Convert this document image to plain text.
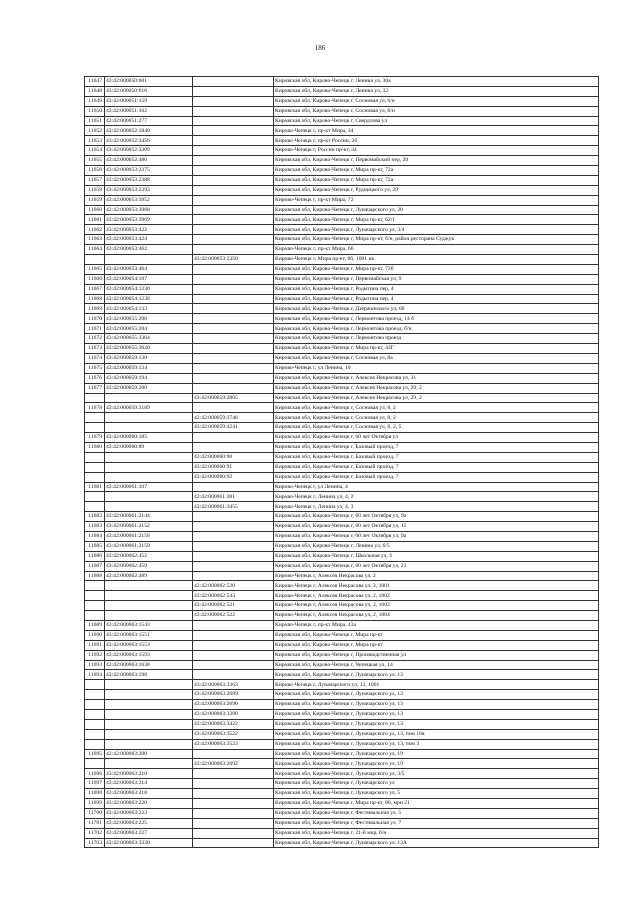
186
11647	43:42:000050:601		Кировская обл, Кирово-Чепецк г, Ленина ул, 30а
11648	43:42:000050:616		Кировская обл, Кирово-Чепецк г, Ленина ул, 32
11649	43:42:000051:159		Кировская обл, Кирово-Чепецк г, Сосновая ул, 6/н
11650	43:42:000051:162		Кировская обл, Кирово-Чепецк г, Сосновая ул, б/н
11651	43:42:000051:277		Кировская обл, Кирово-Чепецк г, Свердлова ул
11652	43:42:000052:1840		Кирово-Чепецк г, пр-кт Мира, 34
11653	43:42:000052:3456		Кирово-Чепецк г, пр-кт России, 26
11654	43:42:000052:3309		Кирово-Чепецк г, России пр-кт, 34
11655	43:42:000052:480		Кировская обл, Кирово-Чепецк г, Первомайский пер, 20
11656	43:42:000053:2375		Кировская обл, Кирово-Чепецк г, Мира пр-кт, 72а
11657	43:42:000053:2388		Кировская обл, Кирово-Чепецк г, Мира пр-кт, 72а
11658	43:42:000053:2393		Кировская обл, Кирово-Чепецк г, Рудницкого ул, 29
11659	43:42:000053:3952		Кирово-Чепецк г, пр-кт Мира, 72
11660	43:42:000053:3968		Кировская обл, Кирово-Чепецк г, Луначарского ул, 20
11661	43:42:000053:3969		Кировская обл, Кирово-Чепецк г, Мира пр-кт, 62/1
11662	43:42:000053:422		Кировская обл, Кирово-Чепецк г, Луначарского ул, 3/4
11663	43:42:000053:424		Кировская обл, Кирово-Чепецк г, Мира пр-кт, б/н, район ресторана Суджук
11664	43:42:000053:462		Кирово-Чепецк г, пр-кт Мира, 66
		43:42:000053:2350	Кирово-Чепецк г, Мира пр-кт, 66, 1001 кв
11665	43:42:000053:464		Кировская обл, Кирово-Чепецк г, Мира пр-кт, 72б
11666	43:42:000054:107		Кировская обл, Кирово-Чепецк г, Первомайская ул, 9
11667	43:42:000054:1230		Кировская обл, Кирово-Чепецк г, Родыгина пер, 4
11668	43:42:000054:1238		Кировская обл, Кирово-Чепецк г, Родыгина пер, 4
11669	43:42:000054:133		Кировская обл, Кирово-Чепецк г, Дзержинского ул, 6б
11670	43:42:000055:200		Кировская обл, Кирово-Чепецк г, Лермонтова проезд, 14 б
11671	43:42:000055:204		Кировская обл, Кирово-Чепецк г, Лермонтова проезд, б/н
11672	43:42:000055:3364		Кировская обл, Кирово-Чепецк г, Лермонтова проезд
11673	43:42:000055:3620		Кировская обл, Кирово-Чепецк г, Мира пр-кт, 43Г
11674	43:42:000059:130		Кировская обл, Кирово-Чепецк г, Сосновая ул, 8а
11675	43:42:000059:134		Кирово-Чепецк г, ул Ленина, 10
11676	43:42:000059:194		Кировская обл, Кирово-Чепецк г, Алексея Некрасова ул, 31
11677	43:42:000059:200		Кировская обл, Кирово-Чепецк г, Алексея Некрасова ул, 29, 2
		43:42:000059:2805	Кировская обл, Кирово-Чепецк г, Алексея Некрасова ул, 29, 2
11678	43:42:000059:3189		Кировская обл, Кирово-Чепецк г, Сосновая ул, 8, 2
		43:42:000059:3746	Кировская обл, Кирово-Чепецк г, Сосновая ул, 8, 2
		43:42:000059:4241	Кировская обл, Кирово-Чепецк г, Сосновая ул, 8, 2, 5
11679	43:42:000060:185		Кировская обл, Кирово-Чепецк г, 60 лет Октября ул
11680	43:42:000060:89		Кировская обл, Кирово-Чепецк г, Базовый проезд, 7
		43:42:000060:90	Кировская обл, Кирово-Чепецк г, Базовый проезд, 7
		43:42:000060:91	Кировская обл, Кирово-Чепецк г, Базовый проезд, 7
		43:42:000060:92	Кировская обл, Кирово-Чепецк г, Базовый проезд, 7
11681	43:42:000061:107		Кирово-Чепецк г, ул Ленина, 4
		43:42:000061:381	Кирово-Чепецк г, Ленина ул, 4, 2
		43:42:000061:3455	Кирово-Чепецк г, Ленина ул, 4, 3
11682	43:42:000061:2144		Кировская обл, Кирово-Чепецк г, 60 лет Октября ул, 9а
11683	43:42:000061:2152		Кировская обл, Кирово-Чепецк г, 60 лет Октября ул, 15
11684	43:42:000061:2158		Кировская обл, Кирово-Чепецк г, 60 лет Октября ул, 9а
11685	43:42:000061:2159		Кировская обл, Кирово-Чепецк г, Ленина ул, 6/5
11686	43:42:000062:452		Кировская обл, Кирово-Чепецк г, Школьная ул, 3
11687	43:42:000062:459		Кировская обл, Кирово-Чепецк г, 60 лет Октября ул, 21
11688	43:42:000062:489		Кирово-Чепецк г, Алексея Некрасова ул, 2
		43:42:000062:520	Кирово-Чепецк г, Алексея Некрасова ул, 2, 1001
		43:42:000062:543	Кирово-Чепецк г, Алексея Некрасова ул, 2, 1002
		43:42:000062:521	Кирово-Чепецк г, Алексея Некрасова ул, 2, 1003
		43:42:000062:522	Кирово-Чепецк г, Алексея Некрасова ул, 2, 1004
11689	43:42:000063:1543		Кирово-Чепецк г, пр-кт Мира, 43а
11690	43:42:000063:1551		Кировская обл, Кирово-Чепецк г, Мира пр-кт
11691	43:42:000063:1553		Кировская обл, Кирово-Чепецк г, Мира пр-кт
11692	43:42:000063:1593		Кировская обл, Кирово-Чепецк г, Производственная ул
11693	43:42:000063:1638		Кировская обл, Кирово-Чепецк г, Чепецкая ул, 14
11694	43:42:000063:198		Кировская обл, Кирово-Чепецк г, Луначарского ул, 13
		43:42:000063:3363	Кирово-Чепецк г, Луначарского ул, 13, 1001
		43:42:000063:2689	Кировская обл, Кирово-Чепецк г, Луначарского ул, 13
		43:42:000063:2690	Кировская обл, Кирово-Чепецк г, Луначарского ул, 13
		43:42:000063:3380	Кировская обл, Кирово-Чепецк г, Луначарского ул, 13
		43:42:000063:3422	Кировская обл, Кирово-Чепецк г, Луначарского ул, 13
		43:42:000063:3522	Кировская обл, Кирово-Чепецк г, Луначарского ул, 13, пом 16в
		43:42:000063:3523	Кировская обл, Кирово-Чепецк г, Луначарского ул, 13, пом 3
11695	43:42:000063:200		Кировская обл, Кирово-Чепецк г, Луначарского ул, 19
		43:42:000063:2692	Кировская обл, Кирово-Чепецк г, Луначарского ул, 19
11696	43:42:000063:210		Кировская обл, Кирово-Чепецк г, Луначарского ул, 3/5
11697	43:42:000063:214		Кировская обл, Кирово-Чепецк г, Луначарского ул
11698	43:42:000063:218		Кировская обл, Кирово-Чепецк г, Луначарского ул, 5
11699	43:42:000063:220		Кировская обл, Кирово-Чепецк г, Мира пр-кт, 80, мрн 21
11700	43:42:000063:223		Кировская обл, Кирово-Чепецк г, Фестивальная ул, 5
11701	43:42:000063:225		Кировская обл, Кирово-Чепецк г, Фестивальная ул, 7
11702	43:42:000063:227		Кировская обл, Кирово-Чепецк г, 21-й мкр, б/н
11703	43:42:000063:3330		Кировская обл, Кирово-Чепецк г, Луначарского ул, 13А
